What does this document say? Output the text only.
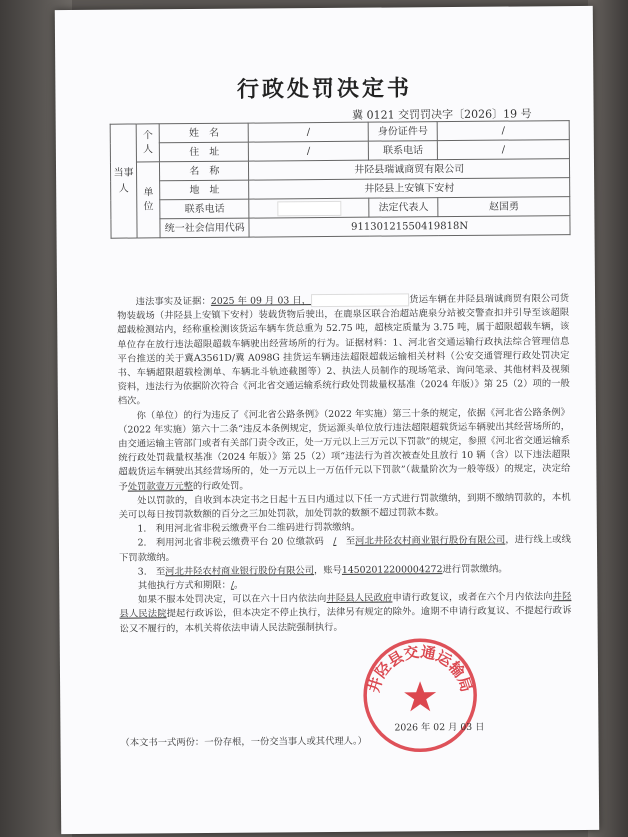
行政处罚决定书
冀 0121 交罚罚决字〔2026〕19 号
当事人	个人	姓　名	/	身份证件号	/
		住　址	/	联系电话	/
	单位	名　称	井陉县瑞诚商贸有限公司		
		地　址	井陉县上安镇下安村		
		联系电话		法定代表人	赵国勇
		统一社会信用代码	91130121550419818N		

违法事实及证据：2025 年 09 月 03 日，	货运车辆在井陉县瑞诚商贸有限公司货物装载场（井陉县上安镇下安村）装载货物后驶出，在鹿泉区联合治超站鹿泉分站被交警查扣并引导至该超限超载检测站内，经称重检测该货运车辆车货总重为 52.75 吨，超核定质量为 3.75 吨，属于超限超载车辆，该单位存在放行违法超限超载车辆驶出经营场所的行为。证据材料：1、河北省交通运输行政执法综合管理信息平台推送的关于冀A3561D/冀 A098G 挂货运车辆违法超限超载运输相关材料（公安交通管理行政处罚决定书、车辆超限超载检测单、车辆北斗轨迹截图等）2、执法人员制作的现场笔录、询问笔录、其他材料及视频资料，违法行为依据阶次符合《河北省交通运输系统行政处罚裁量权基准（2024 年版）》第 25（2）项的一般档次。

你（单位）的行为违反了《河北省公路条例》（2022 年实施）第三十条的规定，依据《河北省公路条例》（2022 年实施）第六十二条“违反本条例规定，货运源头单位放行违法超限超载货运车辆驶出其经营场所的，由交通运输主管部门或者有关部门责令改正，处一万元以上三万元以下罚款”的规定，参照《河北省交通运输系统行政处罚裁量权基准（2024 年版）》第 25（2）项“违法行为首次被查处且放行 10 辆（含）以下违法超限超载货运车辆驶出其经营场所的，处一万元以上一万伍仟元以下罚款”（裁量阶次为一般等级）的规定，决定给予处罚款壹万元整的行政处罚。

处以罚款的，自收到本决定书之日起十五日内通过以下任一方式进行罚款缴纳，到期不缴纳罚款的，本机关可以每日按罚款数额的百分之三加处罚款，加处罚款的数额不超过罚款本数。

1.　利用河北省非税云缴费平台二维码进行罚款缴纳。

2.　利用河北省非税云缴费平台 20 位缴款码　 /　 至河北井陉农村商业银行股份有限公司，进行线上或线下罚款缴纳。

3.　至河北井陉农村商业银行股份有限公司，账号14502012200004272进行罚款缴纳。

其他执行方式和期限：/。

如果不服本处罚决定，可以在六十日内依法向井陉县人民政府申请行政复议，或者在六个月内依法向井陉县人民法院提起行政诉讼，但本决定不停止执行，法律另有规定的除外。逾期不申请行政复议、不提起行政诉讼又不履行的，本机关将依法申请人民法院强制执行。

井陉县交通运输局
2026 年 02 月 03 日
（本文书一式两份：一份存根，一份交当事人或其代理人。）
